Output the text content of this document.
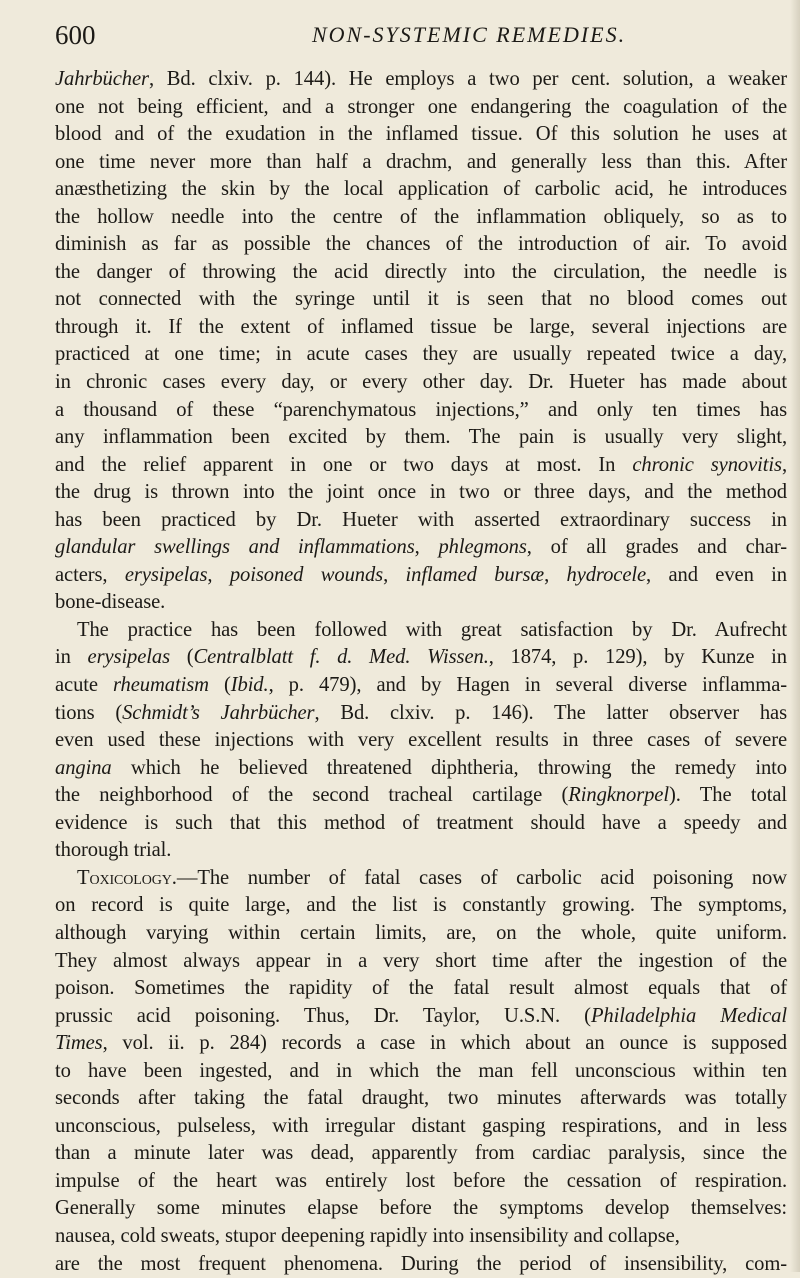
600	NON-SYSTEMIC REMEDIES.
Jahrbücher, Bd. clxiv. p. 144). He employs a two per cent. solution, a weaker
one not being efficient, and a stronger one endangering the coagulation of the
blood and of the exudation in the inflamed tissue. Of this solution he uses at
one time never more than half a drachm, and generally less than this. After
anæsthetizing the skin by the local application of carbolic acid, he introduces
the hollow needle into the centre of the inflammation obliquely, so as to
diminish as far as possible the chances of the introduction of air. To avoid
the danger of throwing the acid directly into the circulation, the needle is
not connected with the syringe until it is seen that no blood comes out
through it. If the extent of inflamed tissue be large, several injections are
practiced at one time; in acute cases they are usually repeated twice a day,
in chronic cases every day, or every other day. Dr. Hueter has made about
a thousand of these “parenchymatous injections,” and only ten times has
any inflammation been excited by them. The pain is usually very slight,
and the relief apparent in one or two days at most. In chronic synovitis,
the drug is thrown into the joint once in two or three days, and the method
has been practiced by Dr. Hueter with asserted extraordinary success in
glandular swellings and inflammations, phlegmons, of all grades and char-
acters, erysipelas, poisoned wounds, inflamed bursæ, hydrocele, and even in
bone-disease.
The practice has been followed with great satisfaction by Dr. Aufrecht
in erysipelas (Centralblatt f. d. Med. Wissen., 1874, p. 129), by Kunze in
acute rheumatism (Ibid., p. 479), and by Hagen in several diverse inflamma-
tions (Schmidt’s Jahrbücher, Bd. clxiv. p. 146). The latter observer has
even used these injections with very excellent results in three cases of severe
angina which he believed threatened diphtheria, throwing the remedy into
the neighborhood of the second tracheal cartilage (Ringknorpel). The total
evidence is such that this method of treatment should have a speedy and
thorough trial.
Toxicology.—The number of fatal cases of carbolic acid poisoning now
on record is quite large, and the list is constantly growing. The symptoms,
although varying within certain limits, are, on the whole, quite uniform.
They almost always appear in a very short time after the ingestion of the
poison. Sometimes the rapidity of the fatal result almost equals that of
prussic acid poisoning. Thus, Dr. Taylor, U.S.N. (Philadelphia Medical
Times, vol. ii. p. 284) records a case in which about an ounce is supposed
to have been ingested, and in which the man fell unconscious within ten
seconds after taking the fatal draught, two minutes afterwards was totally
unconscious, pulseless, with irregular distant gasping respirations, and in less
than a minute later was dead, apparently from cardiac paralysis, since the
impulse of the heart was entirely lost before the cessation of respiration.
Generally some minutes elapse before the symptoms develop themselves:
nausea, cold sweats, stupor deepening rapidly into insensibility and collapse,
are the most frequent phenomena. During the period of insensibility, com-
